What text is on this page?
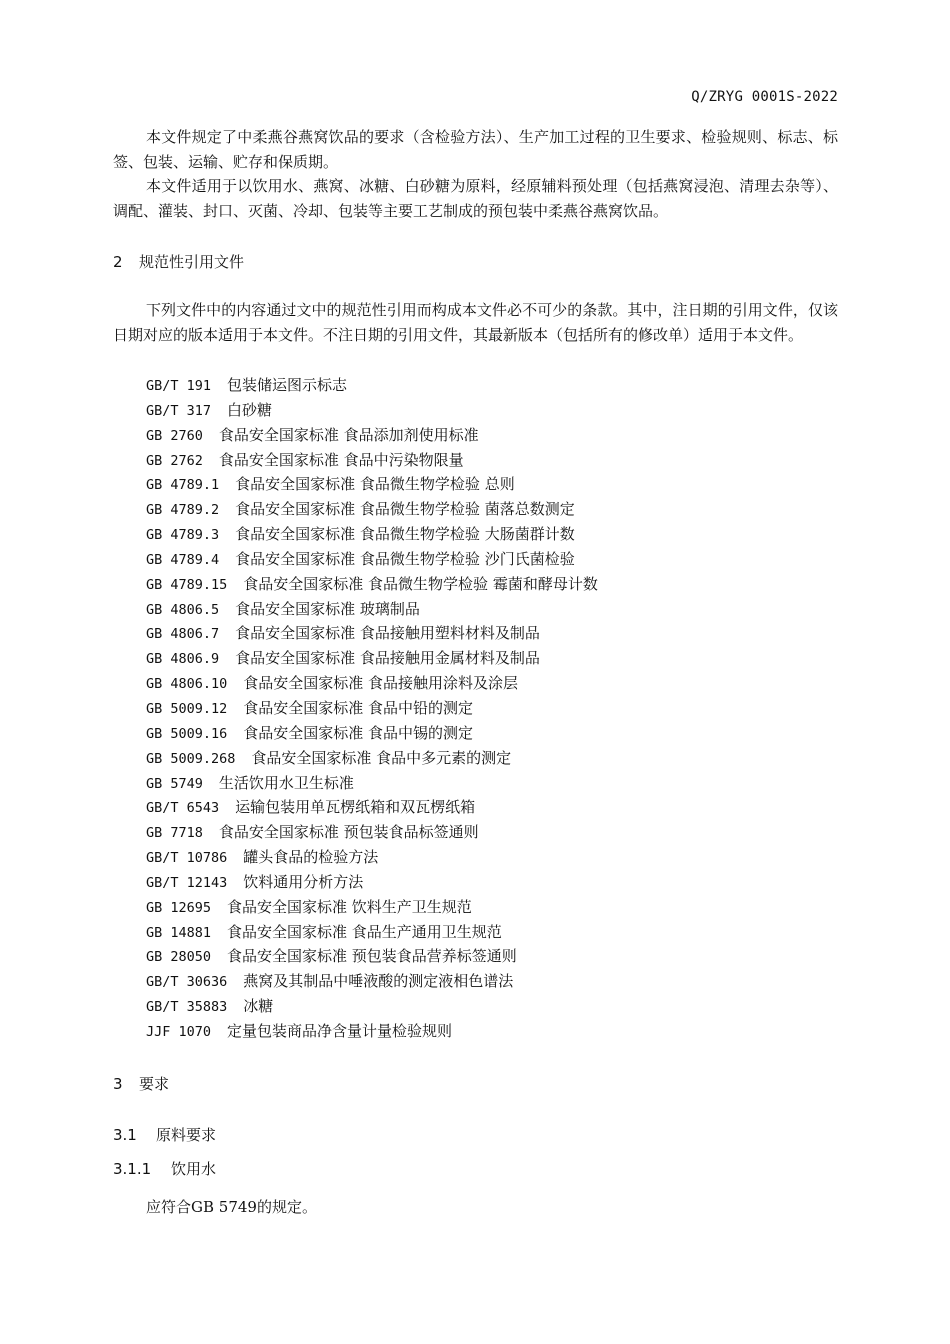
Q/ZRYG 0001S-2022

本文件规定了中柔燕谷燕窝饮品的要求（含检验方法）、生产加工过程的卫生要求、检验规则、标志、标签、包装、运输、贮存和保质期。

本文件适用于以饮用水、燕窝、冰糖、白砂糖为原料，经原辅料预处理（包括燕窝浸泡、清理去杂等）、调配、灌装、封口、灭菌、冷却、包装等主要工艺制成的预包装中柔燕谷燕窝饮品。

2 规范性引用文件

下列文件中的内容通过文中的规范性引用而构成本文件必不可少的条款。其中，注日期的引用文件，仅该日期对应的版本适用于本文件。不注日期的引用文件，其最新版本（包括所有的修改单）适用于本文件。

GB/T 191 包装储运图示标志
GB/T 317 白砂糖
GB 2760 食品安全国家标准 食品添加剂使用标准
GB 2762 食品安全国家标准 食品中污染物限量
GB 4789.1 食品安全国家标准 食品微生物学检验 总则
GB 4789.2 食品安全国家标准 食品微生物学检验 菌落总数测定
GB 4789.3 食品安全国家标准 食品微生物学检验 大肠菌群计数
GB 4789.4 食品安全国家标准 食品微生物学检验 沙门氏菌检验
GB 4789.15 食品安全国家标准 食品微生物学检验 霉菌和酵母计数
GB 4806.5 食品安全国家标准 玻璃制品
GB 4806.7 食品安全国家标准 食品接触用塑料材料及制品
GB 4806.9 食品安全国家标准 食品接触用金属材料及制品
GB 4806.10 食品安全国家标准 食品接触用涂料及涂层
GB 5009.12 食品安全国家标准 食品中铅的测定
GB 5009.16 食品安全国家标准 食品中锡的测定
GB 5009.268 食品安全国家标准 食品中多元素的测定
GB 5749 生活饮用水卫生标准
GB/T 6543 运输包装用单瓦楞纸箱和双瓦楞纸箱
GB 7718 食品安全国家标准 预包装食品标签通则
GB/T 10786 罐头食品的检验方法
GB/T 12143 饮料通用分析方法
GB 12695 食品安全国家标准 饮料生产卫生规范
GB 14881 食品安全国家标准 食品生产通用卫生规范
GB 28050 食品安全国家标准 预包装食品营养标签通则
GB/T 30636 燕窝及其制品中唾液酸的测定液相色谱法
GB/T 35883 冰糖
JJF 1070 定量包装商品净含量计量检验规则
3 要求
3.1 原料要求
3.1.1 饮用水

应符合GB 5749的规定。
